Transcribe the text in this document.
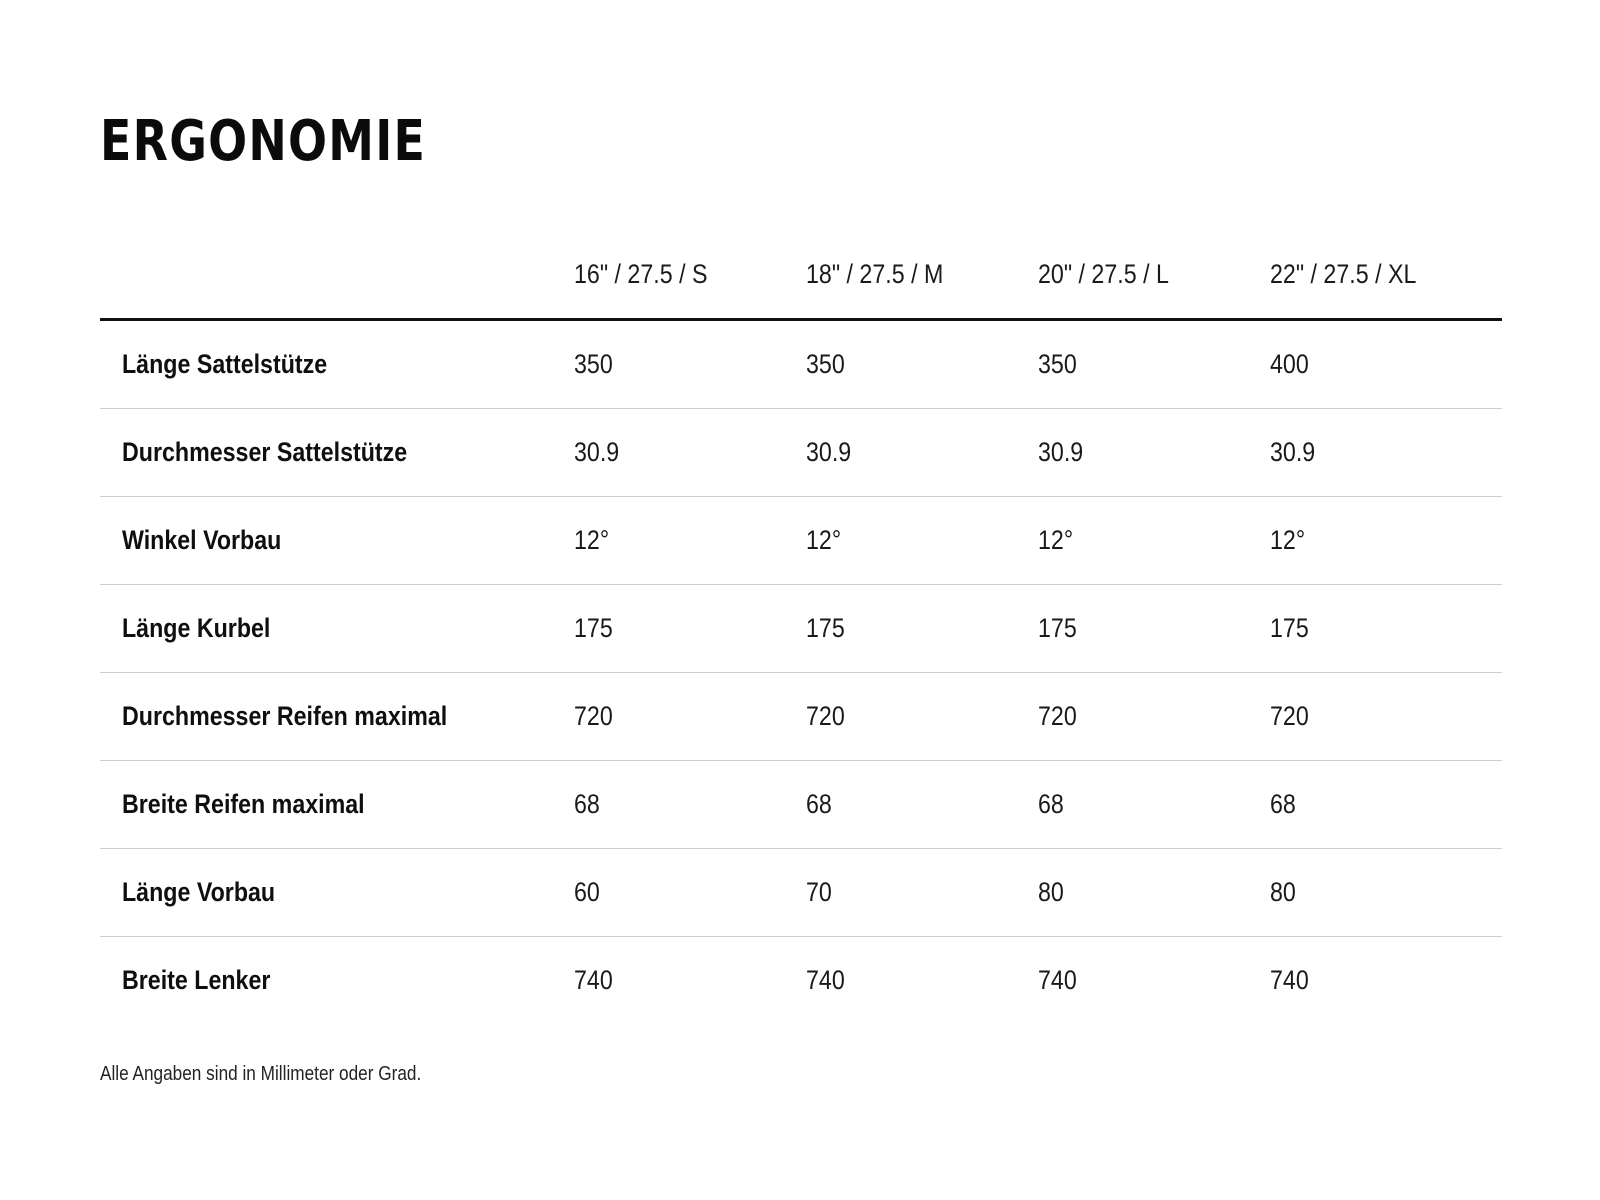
ERGONOMIE
	16" / 27.5 / S	18" / 27.5 / M	20" / 27.5 / L	22" / 27.5 / XL
Länge Sattelstütze	350	350	350	400
Durchmesser Sattelstütze	30.9	30.9	30.9	30.9
Winkel Vorbau	12°	12°	12°	12°
Länge Kurbel	175	175	175	175
Durchmesser Reifen maximal	720	720	720	720
Breite Reifen maximal	68	68	68	68
Länge Vorbau	60	70	80	80
Breite Lenker	740	740	740	740

Alle Angaben sind in Millimeter oder Grad.
